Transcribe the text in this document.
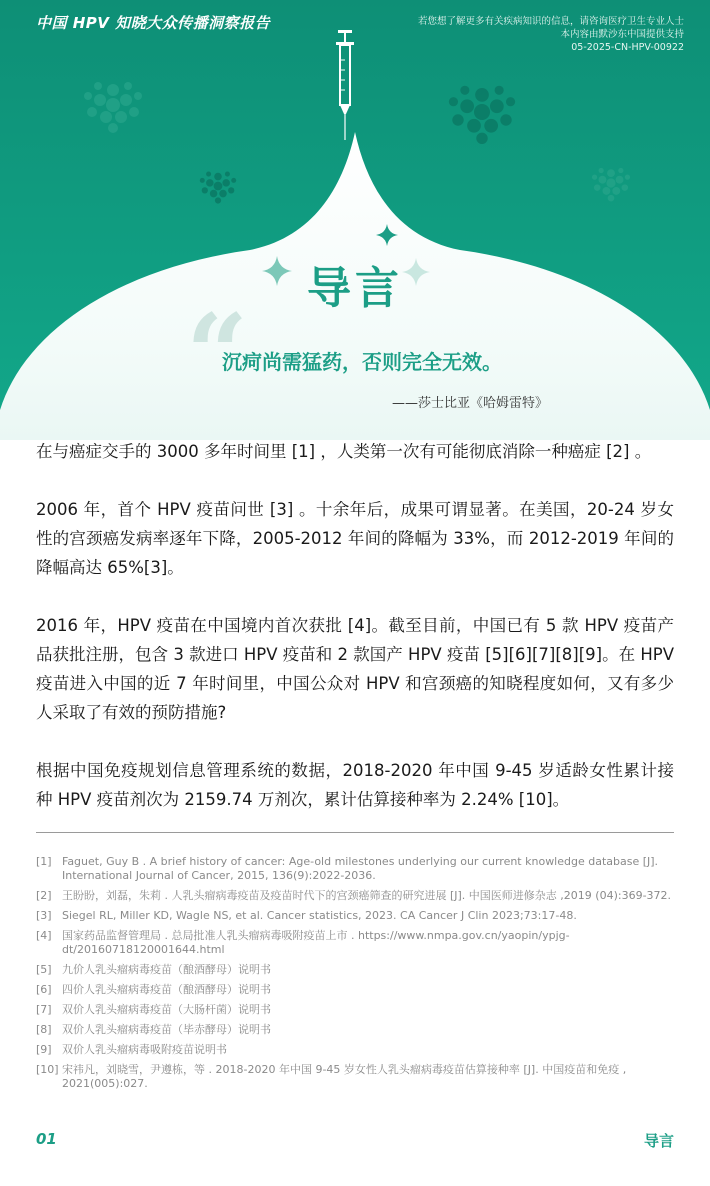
中国 HPV 知晓大众传播洞察报告	若您想了解更多有关疾病知识的信息，请咨询医疗卫生专业人士
本内容由默沙东中国提供支持
05-2025-CN-HPV-00922
导言
“
沉疴尚需猛药，否则完全无效。
——莎士比亚《哈姆雷特》

在与癌症交手的 3000 多年时间里 [1] ，人类第一次有可能彻底消除一种癌症 [2] 。

2006 年，首个 HPV 疫苗问世 [3] 。十余年后，成果可谓显著。在美国，20-24 岁女性的宫颈癌发病率逐年下降，2005-2012 年间的降幅为 33%，而 2012-2019 年间的降幅高达 65%[3]。

2016 年，HPV 疫苗在中国境内首次获批 [4]。截至目前，中国已有 5 款 HPV 疫苗产品获批注册，包含 3 款进口 HPV 疫苗和 2 款国产 HPV 疫苗 [5][6][7][8][9]。在 HPV 疫苗进入中国的近 7 年时间里，中国公众对 HPV 和宫颈癌的知晓程度如何，又有多少人采取了有效的预防措施?

根据中国免疫规划信息管理系统的数据，2018-2020 年中国 9-45 岁适龄女性累计接种 HPV 疫苗剂次为 2159.74 万剂次，累计估算接种率为 2.24% [10]。

[1] Faguet, Guy B . A brief history of cancer: Age-old milestones underlying our current knowledge database [J]. International Journal of Cancer, 2015, 136(9):2022-2036.
[2] 王盼盼，刘磊，朱莉 . 人乳头瘤病毒疫苗及疫苗时代下的宫颈癌筛查的研究进展 [J]. 中国医师进修杂志 ,2019 (04):369-372.
[3] Siegel RL, Miller KD, Wagle NS, et al. Cancer statistics, 2023. CA Cancer J Clin 2023;73:17-48.
[4] 国家药品监督管理局 . 总局批准人乳头瘤病毒吸附疫苗上市 . https://www.nmpa.gov.cn/yaopin/ypjg-dt/20160718120001644.html
[5] 九价人乳头瘤病毒疫苗（酿酒酵母）说明书
[6] 四价人乳头瘤病毒疫苗（酿酒酵母）说明书
[7] 双价人乳头瘤病毒疫苗（大肠杆菌）说明书
[8] 双价人乳头瘤病毒疫苗（毕赤酵母）说明书
[9] 双价人乳头瘤病毒吸附疫苗说明书
[10] 宋祎凡，刘晓雪，尹遵栋，等 . 2018-2020 年中国 9-45 岁女性人乳头瘤病毒疫苗估算接种率 [J]. 中国疫苗和免疫 , 2021(005):027.
01	导言
